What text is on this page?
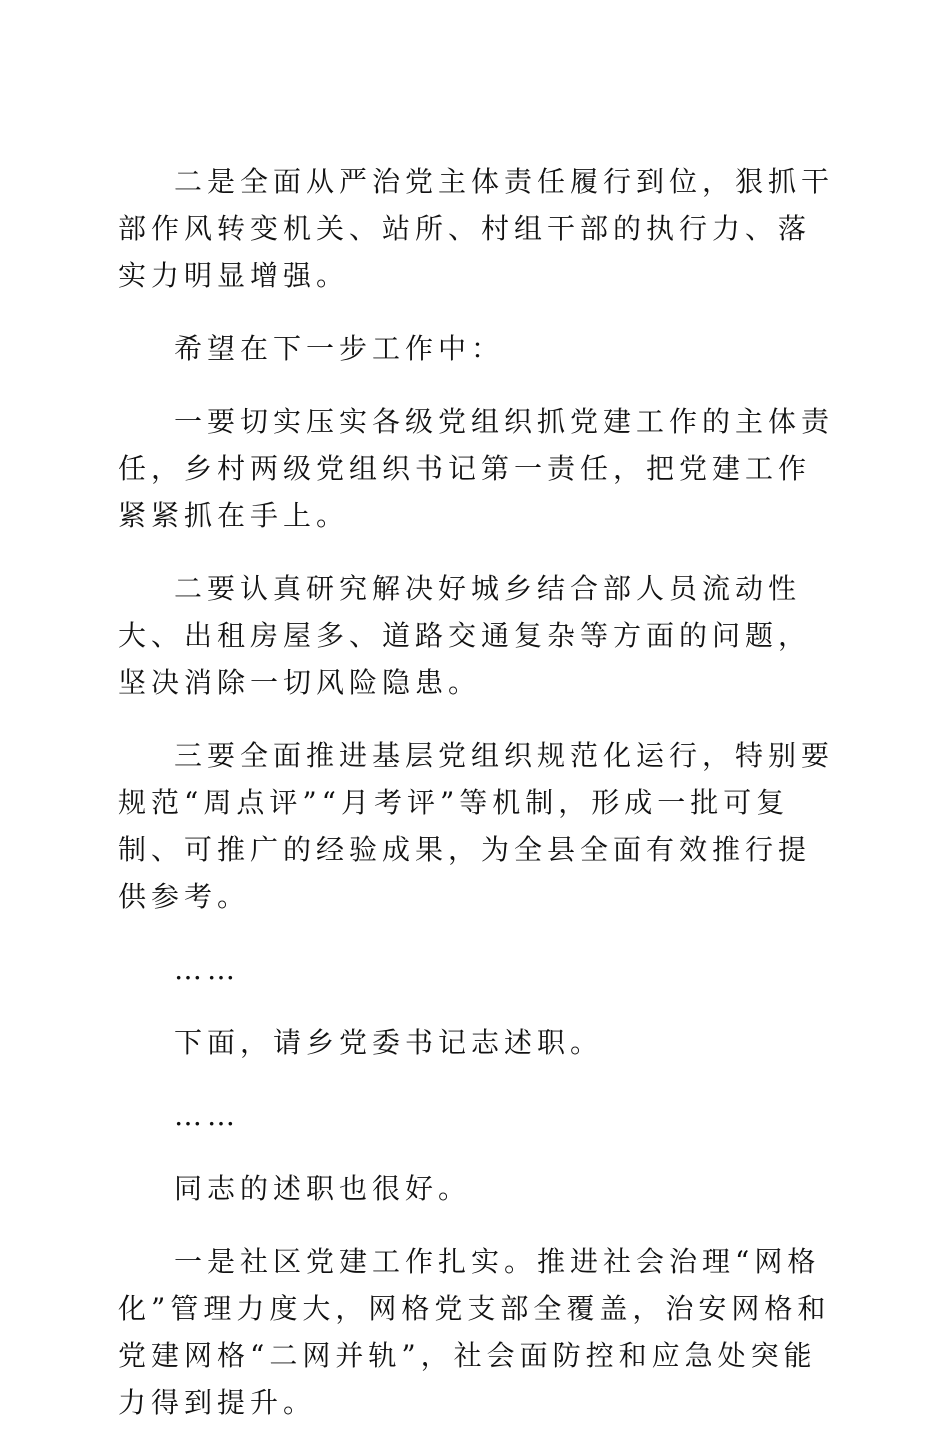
二是全面从严治党主体责任履行到位，狠抓干部作风转变机关、站所、村组干部的执行力、落实力明显增强。

希望在下一步工作中：

一要切实压实各级党组织抓党建工作的主体责任，乡村两级党组织书记第一责任，把党建工作紧紧抓在手上。

二要认真研究解决好城乡结合部人员流动性大、出租房屋多、道路交通复杂等方面的问题，坚决消除一切风险隐患。

三要全面推进基层党组织规范化运行，特别要规范“周点评”“月考评”等机制，形成一批可复制、可推广的经验成果，为全县全面有效推行提供参考。

……

下面，请乡党委书记志述职。

……

同志的述职也很好。

一是社区党建工作扎实。推进社会治理“网格化”管理力度大，网格党支部全覆盖，治安网格和党建网格“二网并轨”，社会面防控和应急处突能力得到提升。
